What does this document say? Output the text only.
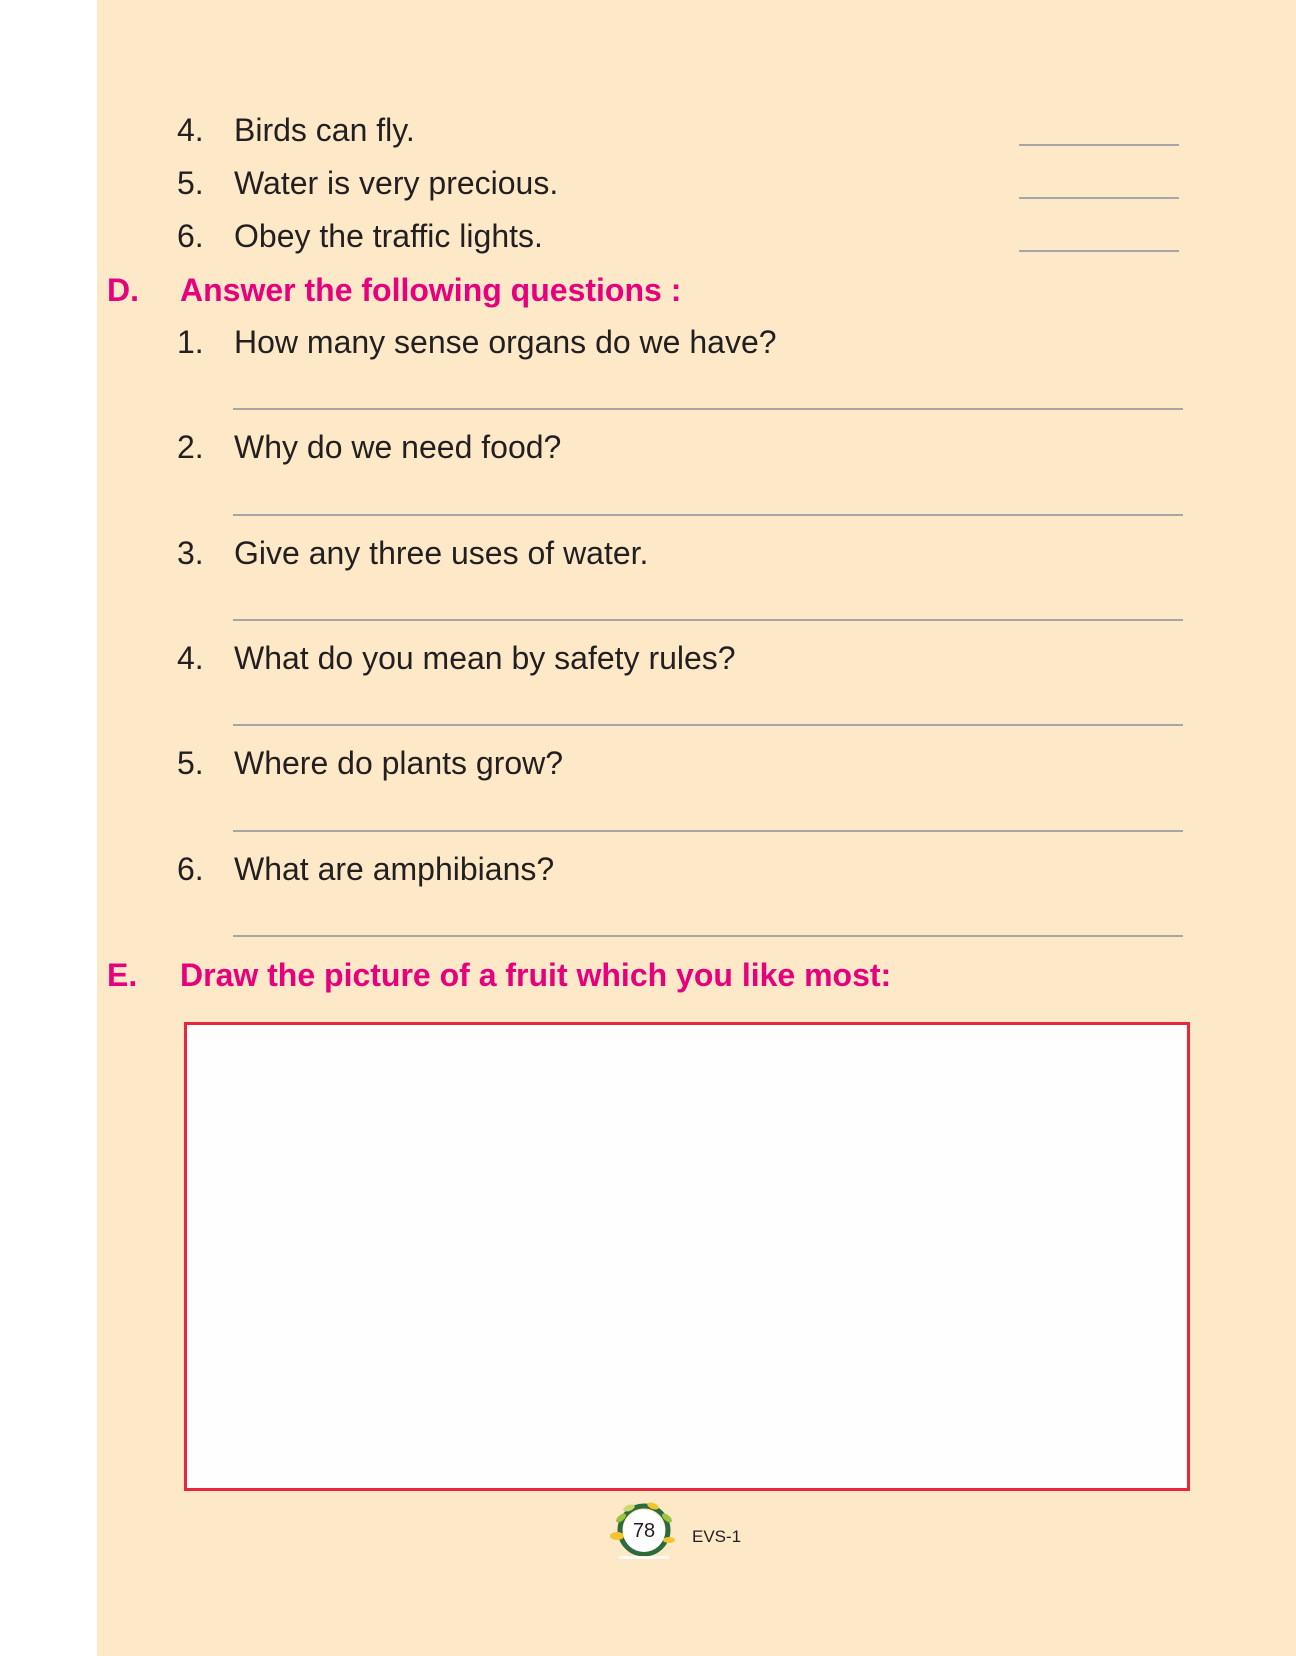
4. Birds can fly.
5. Water is very precious.
6. Obey the traffic lights.
D. Answer the following questions :
1. How many sense organs do we have?
2. Why do we need food?
3. Give any three uses of water.
4. What do you mean by safety rules?
5. Where do plants grow?
6. What are amphibians?
E. Draw the picture of a fruit which you like most:
78	EVS-1
